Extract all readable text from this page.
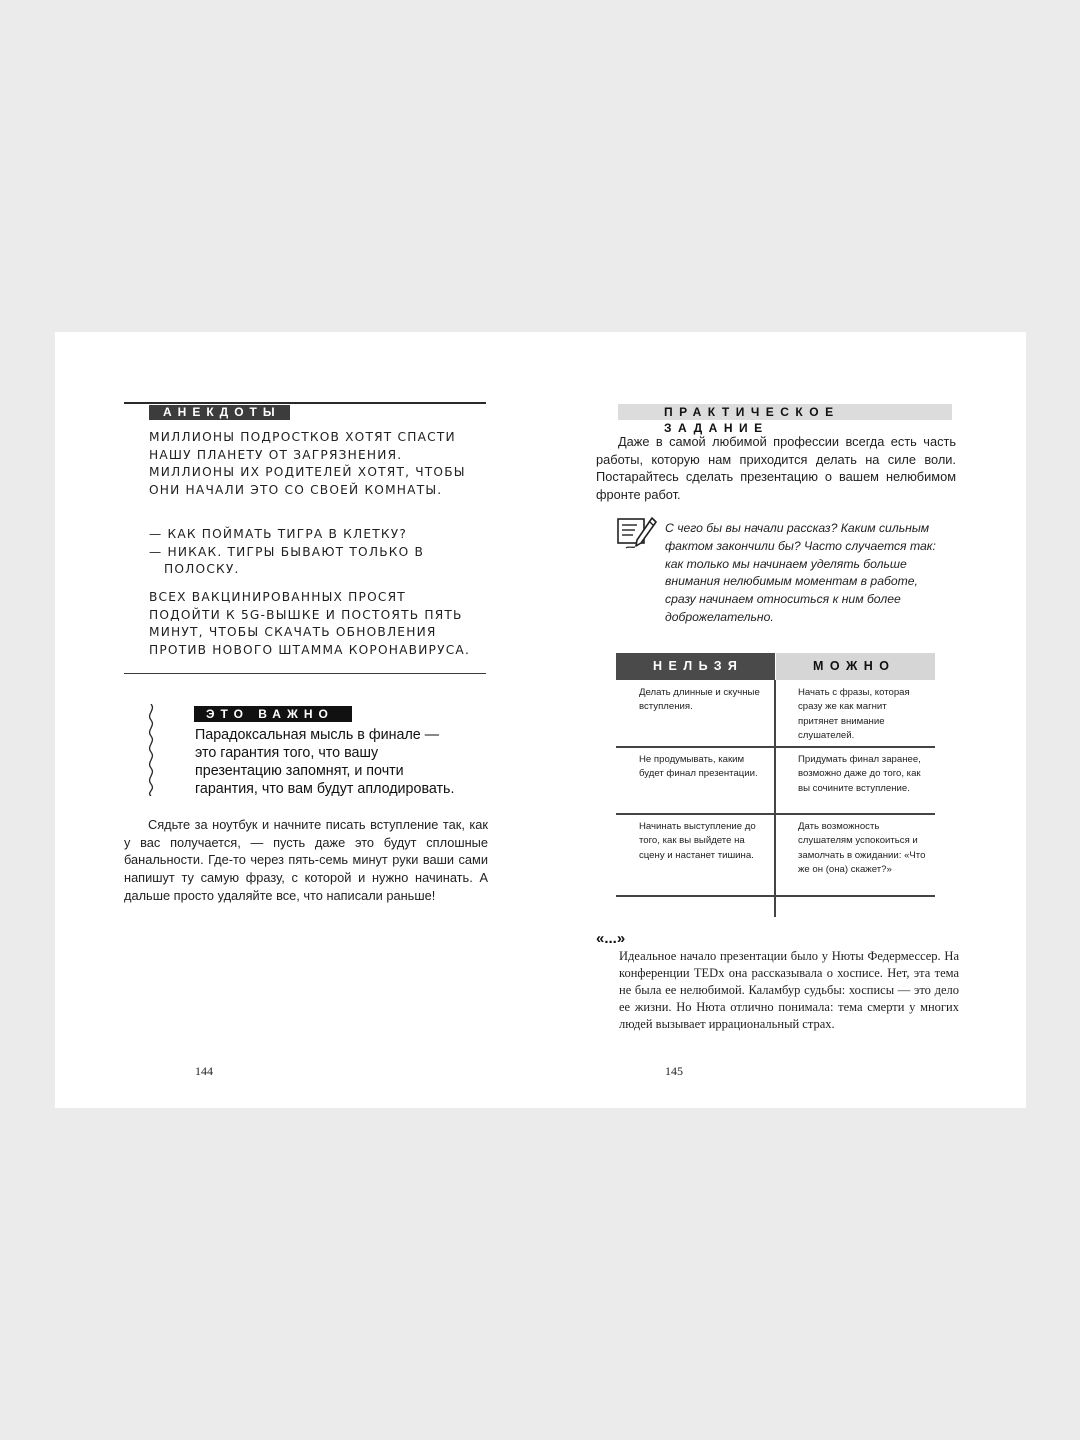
АНЕКДОТЫ
МИЛЛИОНЫ ПОДРОСТКОВ ХОТЯТ СПАСТИ НАШУ ПЛАНЕТУ ОТ ЗАГРЯЗНЕНИЯ. МИЛЛИОНЫ ИХ РОДИТЕЛЕЙ ХОТЯТ, ЧТОБЫ ОНИ НАЧАЛИ ЭТО СО СВОЕЙ КОМНАТЫ.
— КАК ПОЙМАТЬ ТИГРА В КЛЕТКУ?
— НИКАК. ТИГРЫ БЫВАЮТ ТОЛЬКО В ПОЛОСКУ.
ВСЕХ ВАКЦИНИРОВАННЫХ ПРОСЯТ ПОДОЙТИ К 5G-ВЫШКЕ И ПОСТОЯТЬ ПЯТЬ МИНУТ, ЧТОБЫ СКАЧАТЬ ОБНОВЛЕНИЯ ПРОТИВ НОВОГО ШТАММА КОРОНАВИРУСА.
ЭТО ВАЖНО
Парадоксальная мысль в финале — это гарантия того, что вашу презентацию запомнят, и почти гарантия, что вам будут аплодировать.
Сядьте за ноутбук и начните писать вступление так, как у вас получается, — пусть даже это будут сплошные банальности. Где-то через пять-семь минут руки ваши сами напишут ту самую фразу, с которой и нужно начинать. А дальше просто удаляйте все, что написали раньше!
144
ПРАКТИЧЕСКОЕ ЗАДАНИЕ
Даже в самой любимой профессии всегда есть часть работы, которую нам приходится делать на силе воли. Постарайтесь сделать презентацию о вашем нелюбимом фронте работ.
С чего бы вы начали рассказ? Каким сильным фактом закончили бы? Часто случается так: как только мы начинаем уделять больше внимания нелюбимым моментам в работе, сразу начинаем относиться к ним более доброжелательно.
НЕЛЬЗЯ	МОЖНО
Делать длинные и скучные вступления.
Начать с фразы, которая сразу же как магнит притянет внимание слушателей.
Не продумывать, каким будет финал презентации.
Придумать финал заранее, возможно даже до того, как вы сочините вступление.
Начинать выступление до того, как вы выйдете на сцену и настанет тишина.
Дать возможность слушателям успокоиться и замолчать в ожидании: «Что же он (она) скажет?»
«...»
Идеальное начало презентации было у Нюты Федермессер. На конференции TEDx она рассказывала о хосписе. Нет, эта тема не была ее нелюбимой. Каламбур судьбы: хосписы — это дело ее жизни. Но Нюта отлично понимала: тема смерти у многих людей вызывает иррациональный страх.
145
